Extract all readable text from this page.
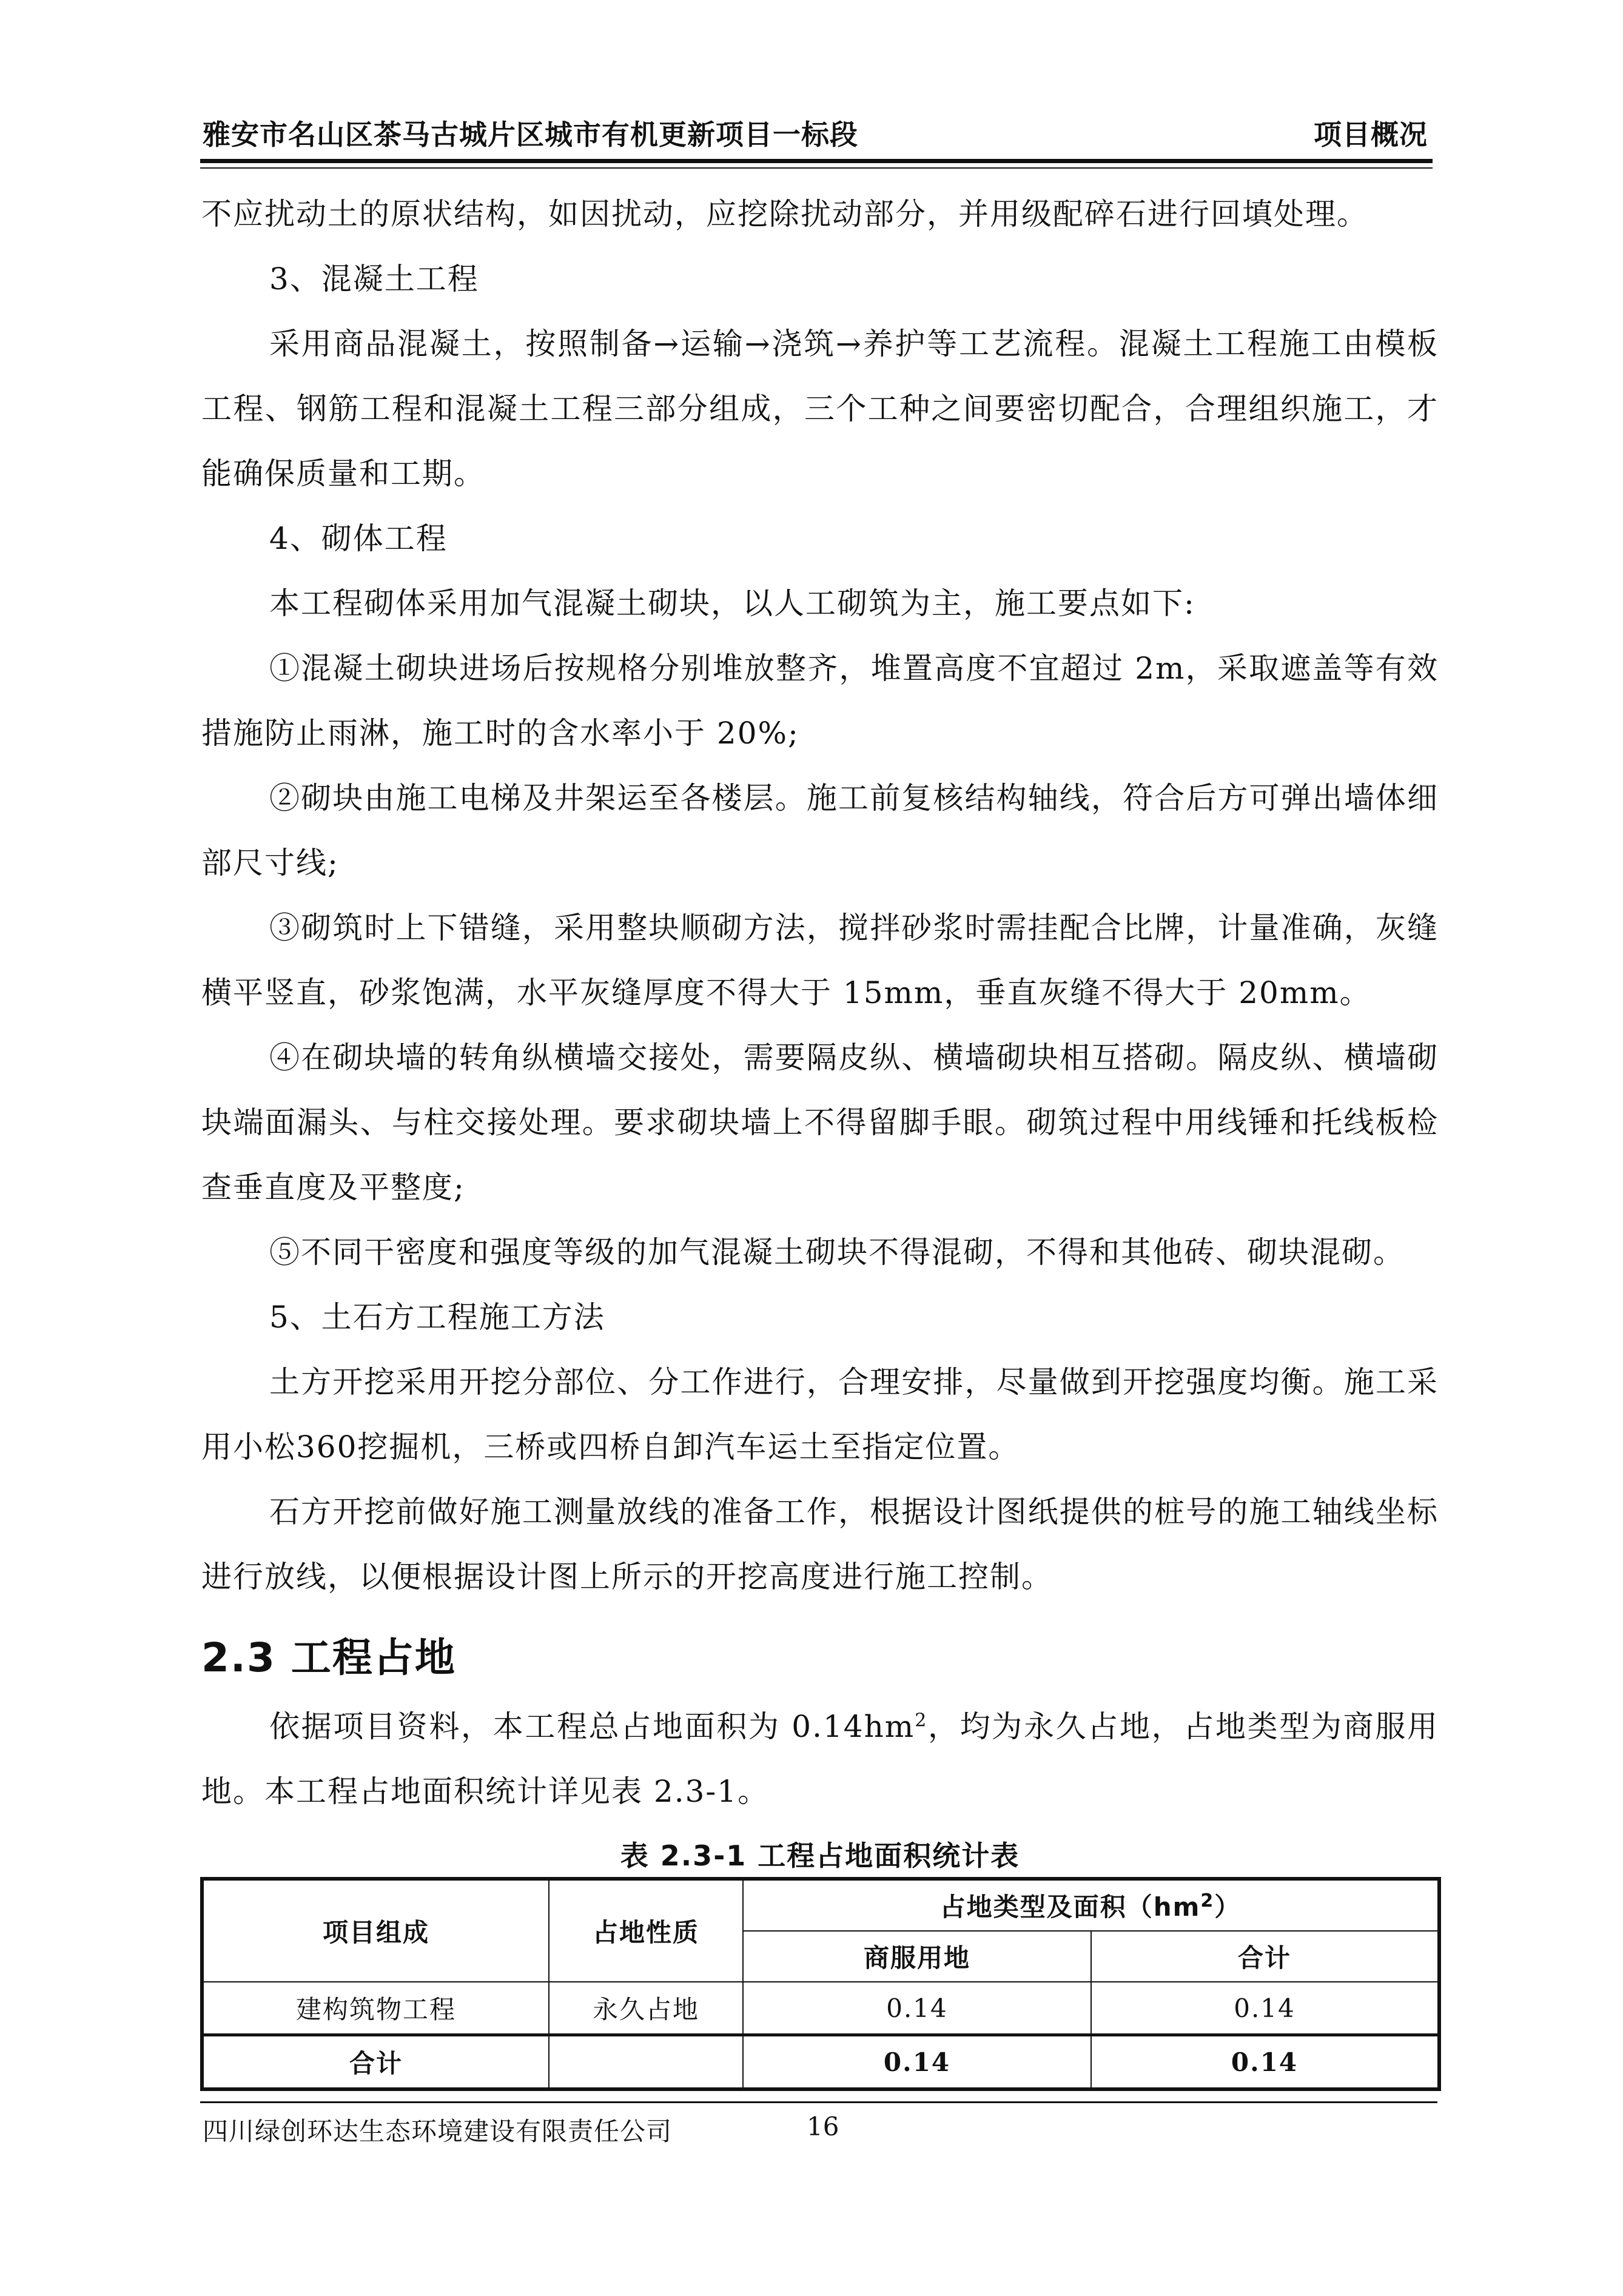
雅安市名山区茶马古城片区城市有机更新项目一标段	项目概况

不应扰动土的原状结构，如因扰动，应挖除扰动部分，并用级配碎石进行回填处理。

3、混凝土工程

采用商品混凝土，按照制备→运输→浇筑→养护等工艺流程。混凝土工程施工由模板工程、钢筋工程和混凝土工程三部分组成，三个工种之间要密切配合，合理组织施工，才能确保质量和工期。

4、砌体工程

本工程砌体采用加气混凝土砌块，以人工砌筑为主，施工要点如下:

①混凝土砌块进场后按规格分别堆放整齐，堆置高度不宜超过 2m，采取遮盖等有效措施防止雨淋，施工时的含水率小于 20%;

②砌块由施工电梯及井架运至各楼层。施工前复核结构轴线，符合后方可弹出墙体细部尺寸线;

③砌筑时上下错缝，采用整块顺砌方法，搅拌砂浆时需挂配合比牌，计量准确，灰缝横平竖直，砂浆饱满，水平灰缝厚度不得大于 15mm，垂直灰缝不得大于 20mm。

④在砌块墙的转角纵横墙交接处，需要隔皮纵、横墙砌块相互搭砌。隔皮纵、横墙砌块端面漏头、与柱交接处理。要求砌块墙上不得留脚手眼。砌筑过程中用线锤和托线板检查垂直度及平整度;

⑤不同干密度和强度等级的加气混凝土砌块不得混砌，不得和其他砖、砌块混砌。

5、土石方工程施工方法

土方开挖采用开挖分部位、分工作进行，合理安排，尽量做到开挖强度均衡。施工采用小松360挖掘机，三桥或四桥自卸汽车运土至指定位置。

石方开挖前做好施工测量放线的准备工作，根据设计图纸提供的桩号的施工轴线坐标进行放线，以便根据设计图上所示的开挖高度进行施工控制。

2.3 工程占地

依据项目资料，本工程总占地面积为 $0.14hm^2$，均为永久占地，占地类型为商服用地。本工程占地面积统计详见表 2.3-1。

表 2.3-1 工程占地面积统计表
项目组成	占地性质	占地类型及面积$(hm^2)$	
		商服用地	合计
建构筑物工程	永久占地	0.14	0.14
合计		0.14	0.14
四川绿创环达生态环境建设有限责任公司	16
